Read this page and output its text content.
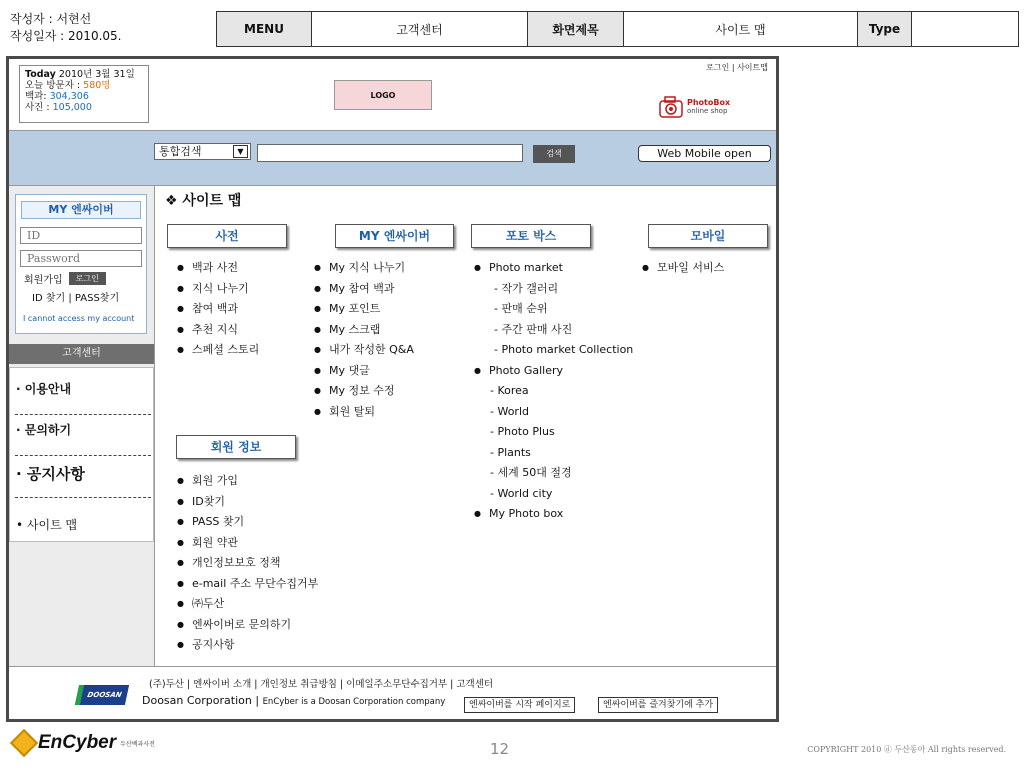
작성자 : 서현선
작성일자 : 2010.05.	MENU	고객센터	화면제목	사이트 맵	Type	
Today 2010년 3월 31일
오늘 방문자 : 580명
백과: 304,306
사진 : 105,000
LOGO
로그인 | 사이트맵
PhotoBox
online shop
통합검색	▼	검색	Web Mobile open
MY 엔싸이버
ID
회원가입	로그인
ID 찾기 | PASS찾기
I cannot access my account
고객센터
· 이용안내
· 문의하기
· 공지사항
• 사이트 맵
❖ 사이트 맵
사전
● 백과 사전
● 지식 나누기
● 참여 백과
● 추천 지식
● 스페셜 스토리
MY 엔싸이버
● My 지식 나누기
● My 참여 백과
● My 포인트
● My 스크랩
● 내가 작성한 Q&A
● My 댓글
● My 정보 수정
● 회원 탈퇴
포토 박스
● Photo market
- 작가 갤러리
- 판매 순위
- 주간 판매 사진
- Photo market Collection
● Photo Gallery
- Korea
- World
- Photo Plus
- Plants
- 세계 50대 절경
- World city
● My Photo box
모바일
● 모바일 서비스
회원 정보
● 회원 가입
● ID찾기
● PASS 찾기
● 회원 약관
● 개인정보보호 정책
● e-mail 주소 무단수집거부
● ㈜두산
● 엔싸이버로 문의하기
● 공지사항
DOOSAN
(주)두산 | 엔싸이버 소개 | 개인정보 취급방침 | 이메일주소무단수집거부 | 고객센터
Doosan Corporation | EnCyber is a Doosan Corporation company	엔싸이버를 시작 페이지로	엔싸이버를 즐겨찾기에 추가
EnCyber 두산백과사전	12	COPYRIGHT 2010 ⓓ 두산동아 All rights reserved.
